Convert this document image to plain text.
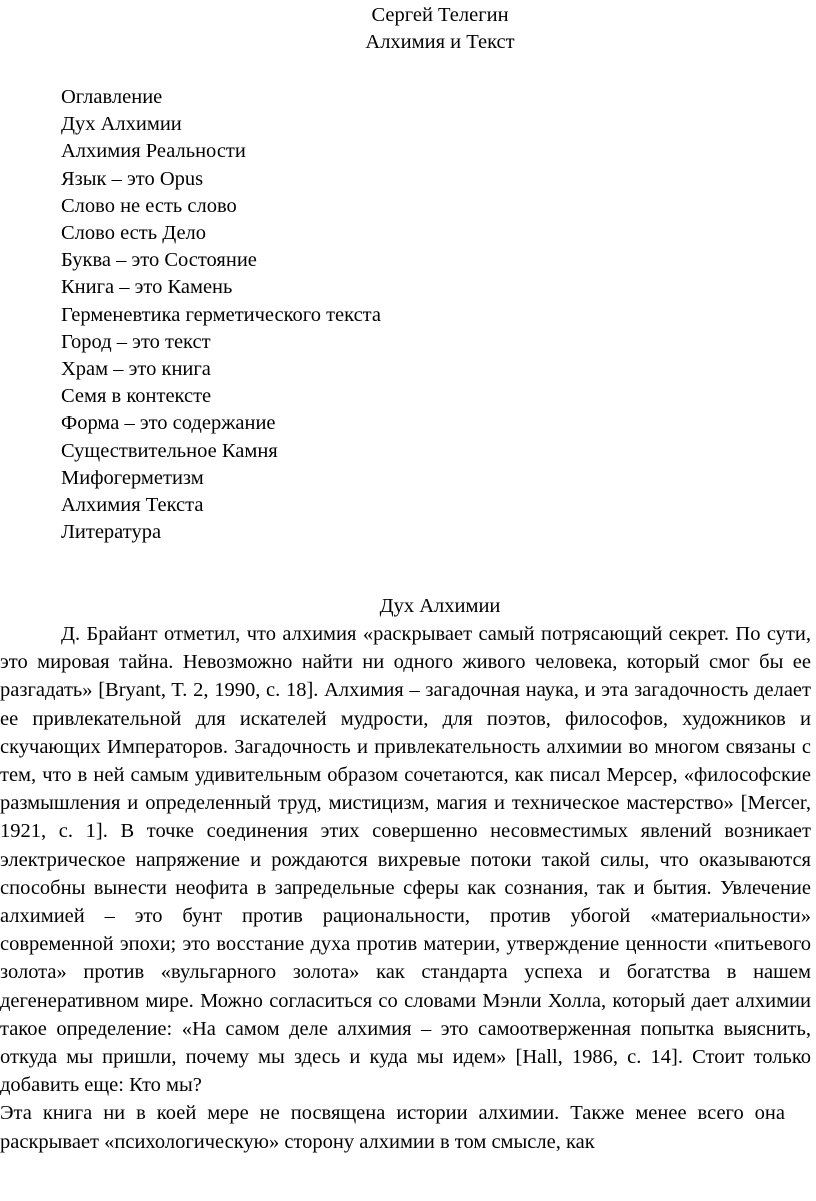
Сергей Телегин
Алхимия и Текст
Оглавление
Дух Алхимии
Алхимия Реальности
Язык – это Opus
Слово не есть слово
Слово есть Дело
Буква – это Состояние
Книга – это Камень
Герменевтика герметического текста
Город – это текст
Храм – это книга
Семя в контексте
Форма – это содержание
Существительное Камня
Мифогерметизм
Алхимия Текста
Литература
Дух Алхимии

Д. Брайант отметил, что алхимия «раскрывает самый потрясающий секрет. По сути, это мировая тайна. Невозможно найти ни одного живого человека, который смог бы ее разгадать» [Bryant, T. 2, 1990, с. 18]. Алхимия – загадочная наука, и эта загадочность делает ее привлекательной для искателей мудрости, для поэтов, философов, художников и скучающих Императоров. Загадочность и привлекательность алхимии во многом связаны с тем, что в ней самым удивительным образом сочетаются, как писал Мерсер, «философские размышления и определенный труд, мистицизм, магия и техническое мастерство» [Mercer, 1921, с. 1]. В точке соединения этих совершенно несовместимых явлений возникает электрическое напряжение и рождаются вихревые потоки такой силы, что оказываются способны вынести неофита в запредельные сферы как сознания, так и бытия. Увлечение алхимией – это бунт против рациональности, против убогой «материальности» современной эпохи; это восстание духа против материи, утверждение ценности «питьевого золота» против «вульгарного золота» как стандарта успеха и богатства в нашем дегенеративном мире. Можно согласиться со словами Мэнли Холла, который дает алхимии такое определение: «На самом деле алхимия – это самоотверженная попытка выяснить, откуда мы пришли, почему мы здесь и куда мы идем» [Hall, 1986, с. 14]. Стоит только добавить еще: Кто мы?

Эта книга ни в коей мере не посвящена истории алхимии. Также менее всего она раскрывает «психологическую» сторону алхимии в том смысле, как
